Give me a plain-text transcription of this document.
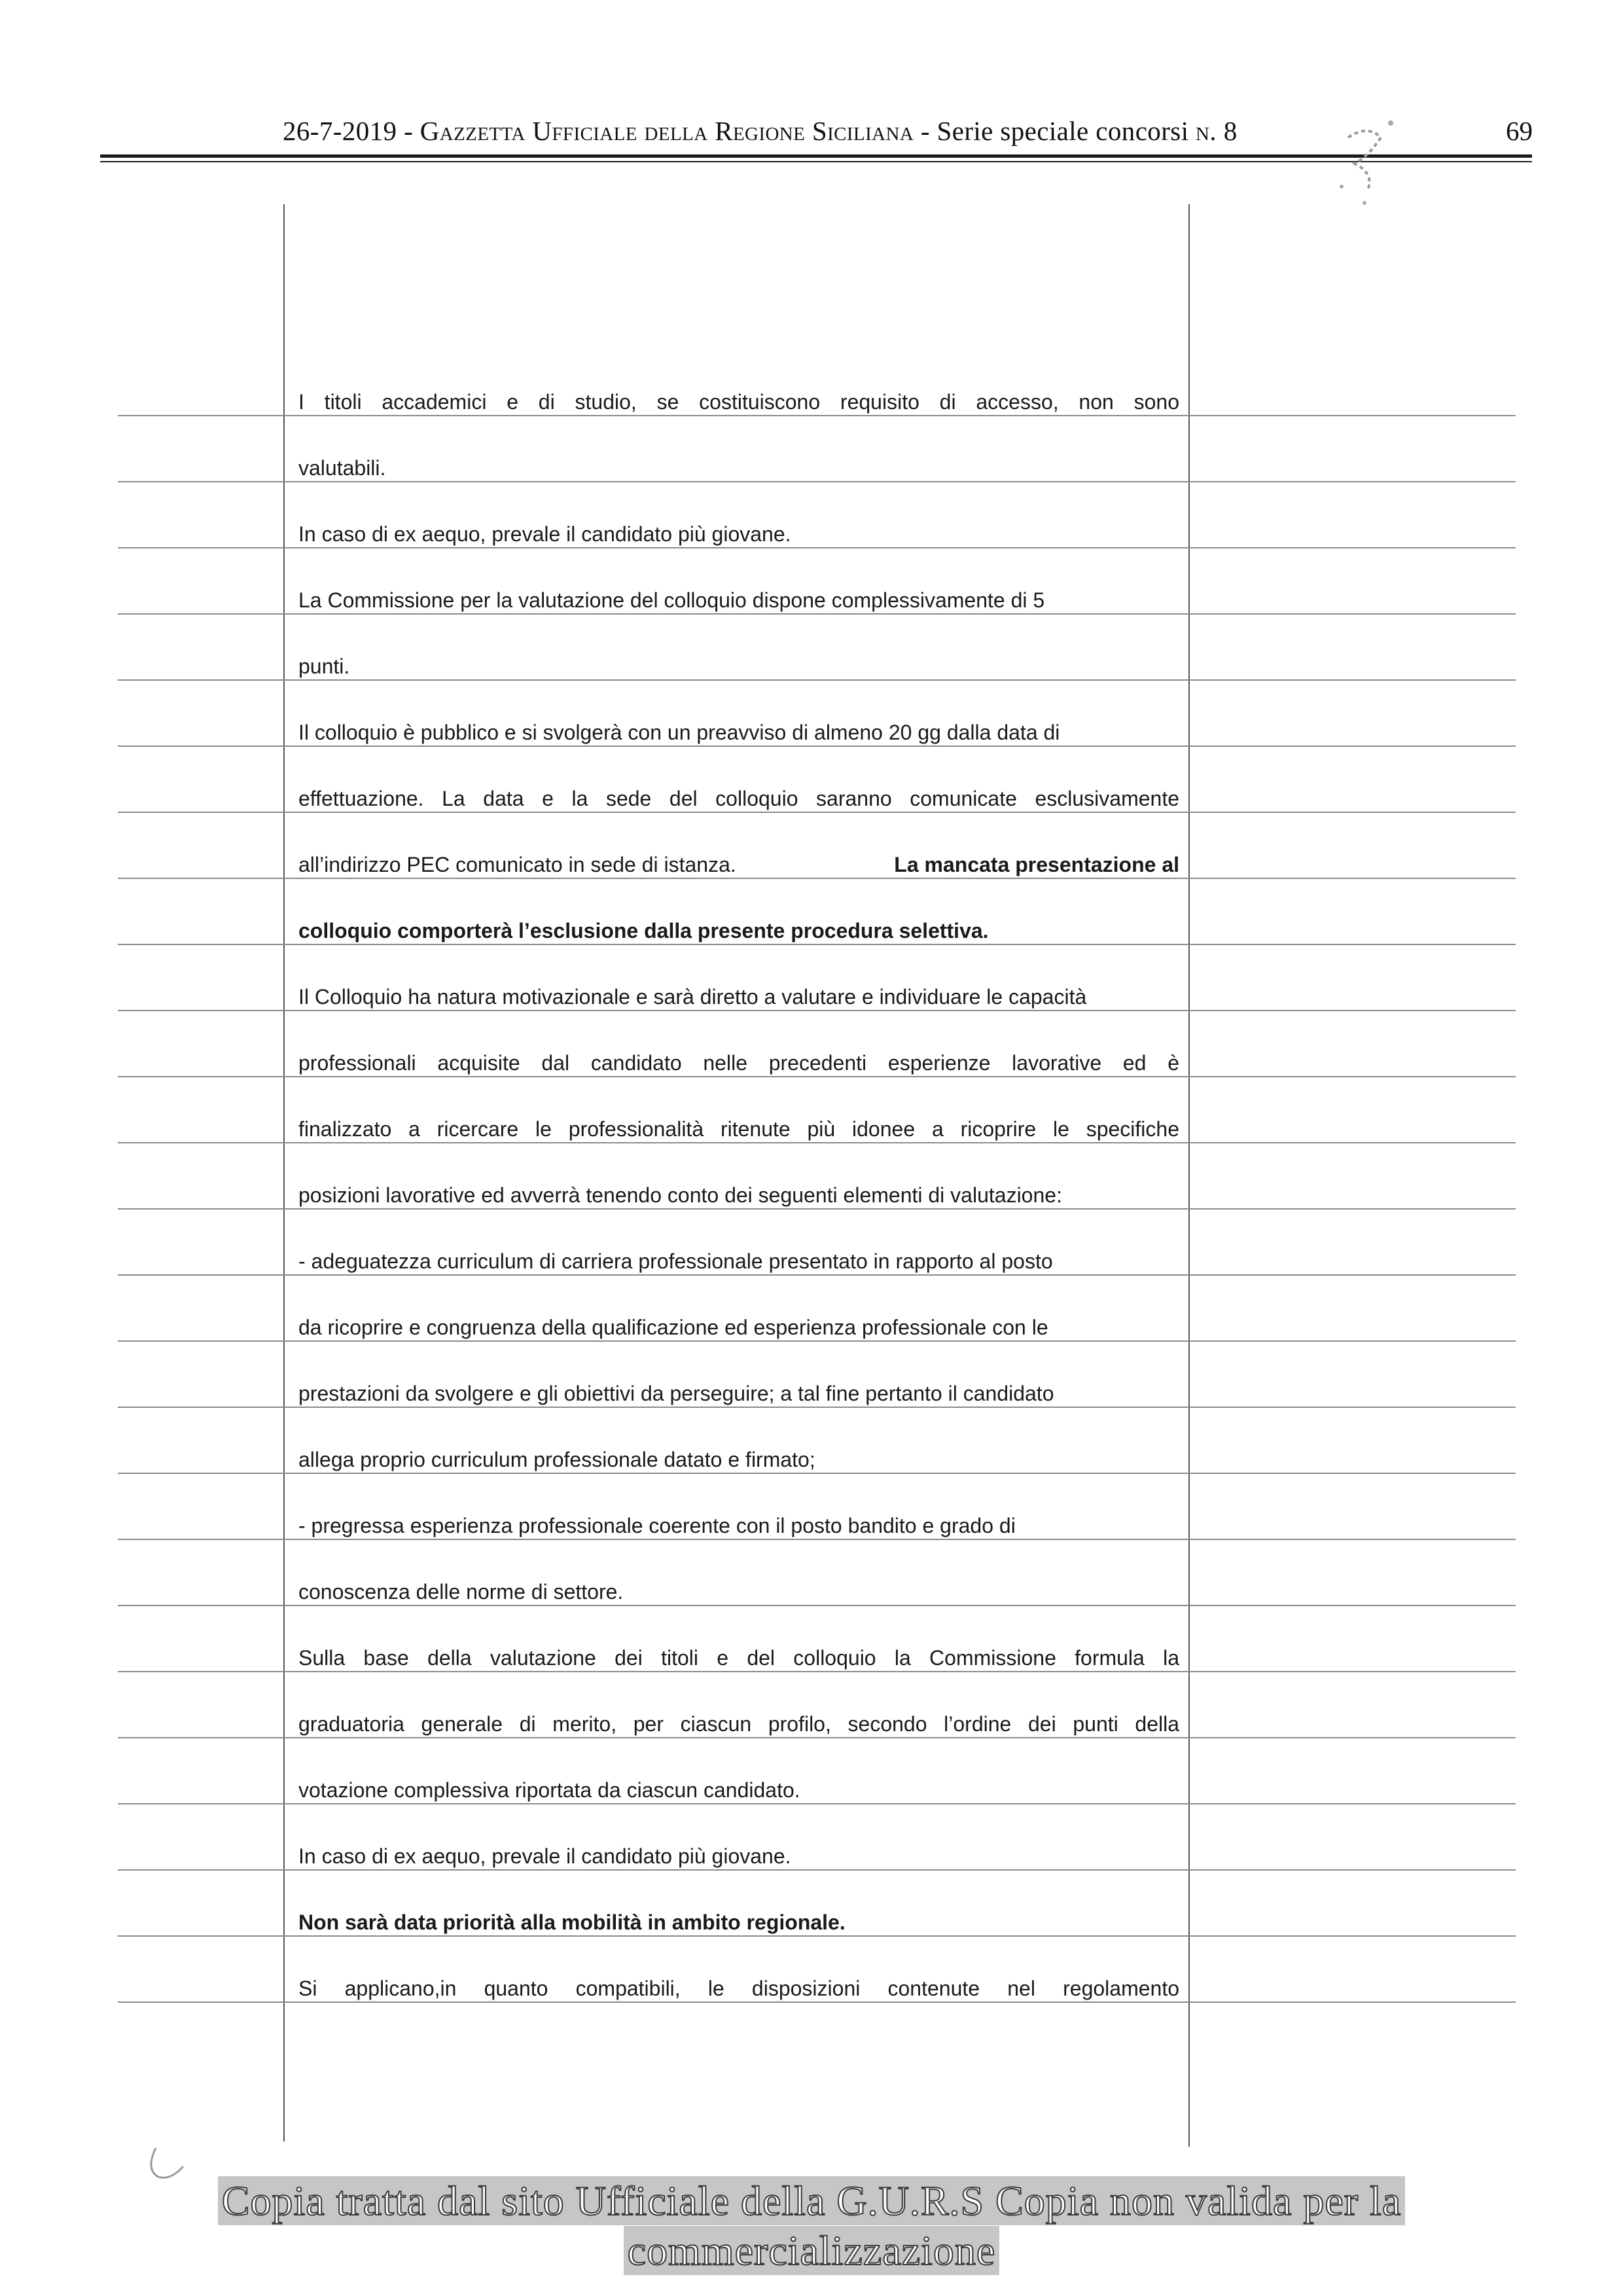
26-7-2019 - Gazzetta Ufficiale della Regione Siciliana - Serie speciale concorsi n. 8	69
I titoli accademici e di studio, se costituiscono requisito di accesso, non sono
valutabili.
In caso di ex aequo, prevale il candidato più giovane.
La Commissione per la valutazione del colloquio dispone complessivamente di 5
punti.
Il colloquio è pubblico e si svolgerà con un preavviso di almeno 20 gg dalla data di
effettuazione. La data e la sede del colloquio saranno comunicate esclusivamente
all’indirizzo PEC comunicato in sede di istanza.	La mancata presentazione al
colloquio comporterà l’esclusione dalla presente procedura selettiva.
Il Colloquio ha natura motivazionale e sarà diretto a valutare e individuare le capacità
professionali acquisite dal candidato nelle precedenti esperienze lavorative ed è
finalizzato a ricercare le professionalità ritenute più idonee a ricoprire le specifiche
posizioni lavorative ed avverrà tenendo conto dei seguenti elementi di valutazione:
- adeguatezza curriculum di carriera professionale presentato in rapporto al posto
da ricoprire e congruenza della qualificazione ed esperienza professionale con le
prestazioni da svolgere e gli obiettivi da perseguire; a tal fine pertanto il candidato
allega proprio curriculum professionale datato e firmato;
- pregressa esperienza professionale coerente con il posto bandito e grado di
conoscenza delle norme di settore.
Sulla base della valutazione dei titoli e del colloquio la Commissione formula la
graduatoria generale di merito, per ciascun profilo, secondo l’ordine dei punti della
votazione complessiva riportata da ciascun candidato.
In caso di ex aequo, prevale il candidato più giovane.
Non sarà data priorità alla mobilità in ambito regionale.
Si applicano,in quanto compatibili, le disposizioni contenute nel regolamento
Copia tratta dal sito Ufficiale della G.U.R.S Copia non valida per la
commercializzazione
